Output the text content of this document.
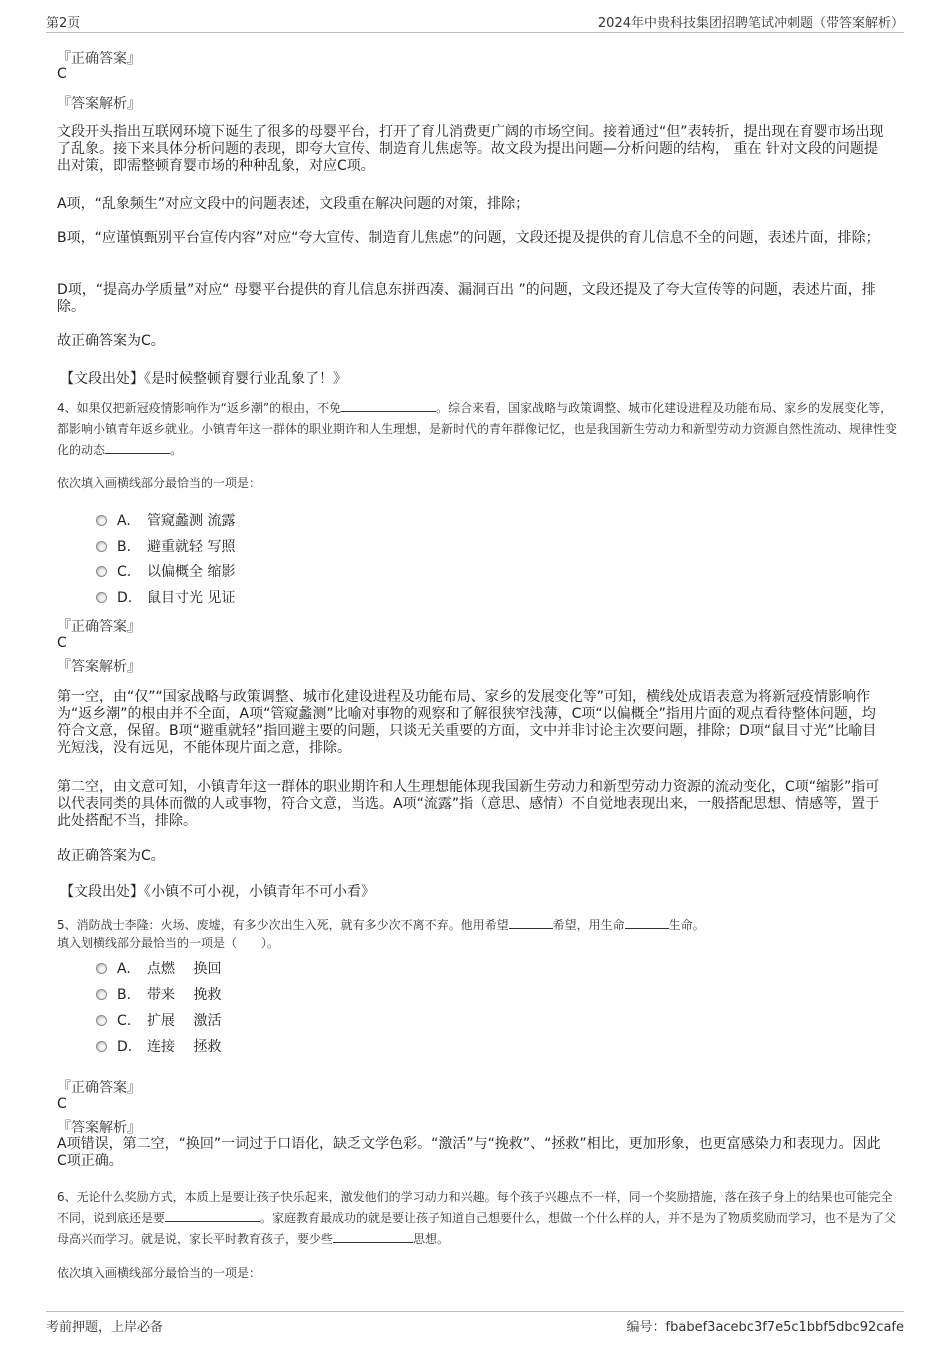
第2页	2024年中贵科技集团招聘笔试冲刺题（带答案解析）
『正确答案』
C
『答案解析』
文段开头指出互联网环境下诞生了很多的母婴平台，打开了育儿消费更广阔的市场空间。接着通过“但”表转折，提出现在育婴市场出现了乱象。接下来具体分析问题的表现，即夸大宣传、制造育儿焦虑等。故文段为提出问题—分析问题的结构， 重在 针对文段的问题提出对策，即需整顿育婴市场的种种乱象，对应C项。
A项，“乱象频生”对应文段中的问题表述，文段重在解决问题的对策，排除；
B项，“应谨慎甄别平台宣传内容”对应“夸大宣传、制造育儿焦虑”的问题，文段还提及提供的育儿信息不全的问题，表述片面，排除；
D项，“提高办学质量”对应“ 母婴平台提供的育儿信息东拼西凑、漏洞百出 ”的问题，文段还提及了夸大宣传等的问题，表述片面，排除。
故正确答案为C。
【文段出处】《是时候整顿育婴行业乱象了！》
4、如果仅把新冠疫情影响作为“返乡潮”的根由，不免	。综合来看，国家战略与政策调整、城市化建设进程及功能布局、家乡的发展变化等，都影响小镇青年返乡就业。小镇青年这一群体的职业期许和人生理想，是新时代的青年群像记忆，也是我国新生劳动力和新型劳动力资源自然性流动、规律性变化的动态	。
依次填入画横线部分最恰当的一项是：
A. 管窥蠡测 流露
B. 避重就轻 写照
C. 以偏概全 缩影
D. 鼠目寸光 见证
『正确答案』
C
『答案解析』
第一空，由“仅”“国家战略与政策调整、城市化建设进程及功能布局、家乡的发展变化等”可知，横线处成语表意为将新冠疫情影响作为“返乡潮”的根由并不全面，A项“管窥蠡测”比喻对事物的观察和了解很狭窄浅薄，C项“以偏概全”指用片面的观点看待整体问题，均符合文意，保留。B项“避重就轻”指回避主要的问题，只谈无关重要的方面，文中并非讨论主次要问题，排除；D项“鼠目寸光”比喻目光短浅，没有远见，不能体现片面之意，排除。
第二空，由文意可知，小镇青年这一群体的职业期许和人生理想能体现我国新生劳动力和新型劳动力资源的流动变化，C项“缩影”指可以代表同类的具体而微的人或事物，符合文意，当选。A项“流露”指（意思、感情）不自觉地表现出来，一般搭配思想、情感等，置于此处搭配不当，排除。
故正确答案为C。
【文段出处】《小镇不可小视，小镇青年不可小看》
5、消防战士李隆：火场、废墟，有多少次出生入死，就有多少次不离不弃。他用希望	希望，用生命	生命。
填入划横线部分最恰当的一项是（　　）。
A. 点燃　 换回
B. 带来　 挽救
C. 扩展　 激活
D. 连接　 拯救
『正确答案』
C
『答案解析』
A项错误，第二空，“换回”一词过于口语化，缺乏文学色彩。“激活”与“挽救”、“拯救”相比，更加形象，也更富感染力和表现力。因此C项正确。
6、无论什么奖励方式，本质上是要让孩子快乐起来，激发他们的学习动力和兴趣。每个孩子兴趣点不一样，同一个奖励措施，落在孩子身上的结果也可能完全不同，说到底还是要	。家庭教育最成功的就是要让孩子知道自己想要什么，想做一个什么样的人，并不是为了物质奖励而学习，也不是为了父母高兴而学习。就是说，家长平时教育孩子，要少些	思想。
依次填入画横线部分最恰当的一项是：
考前押题，上岸必备	编号：fbabef3acebc3f7e5c1bbf5dbc92cafe
